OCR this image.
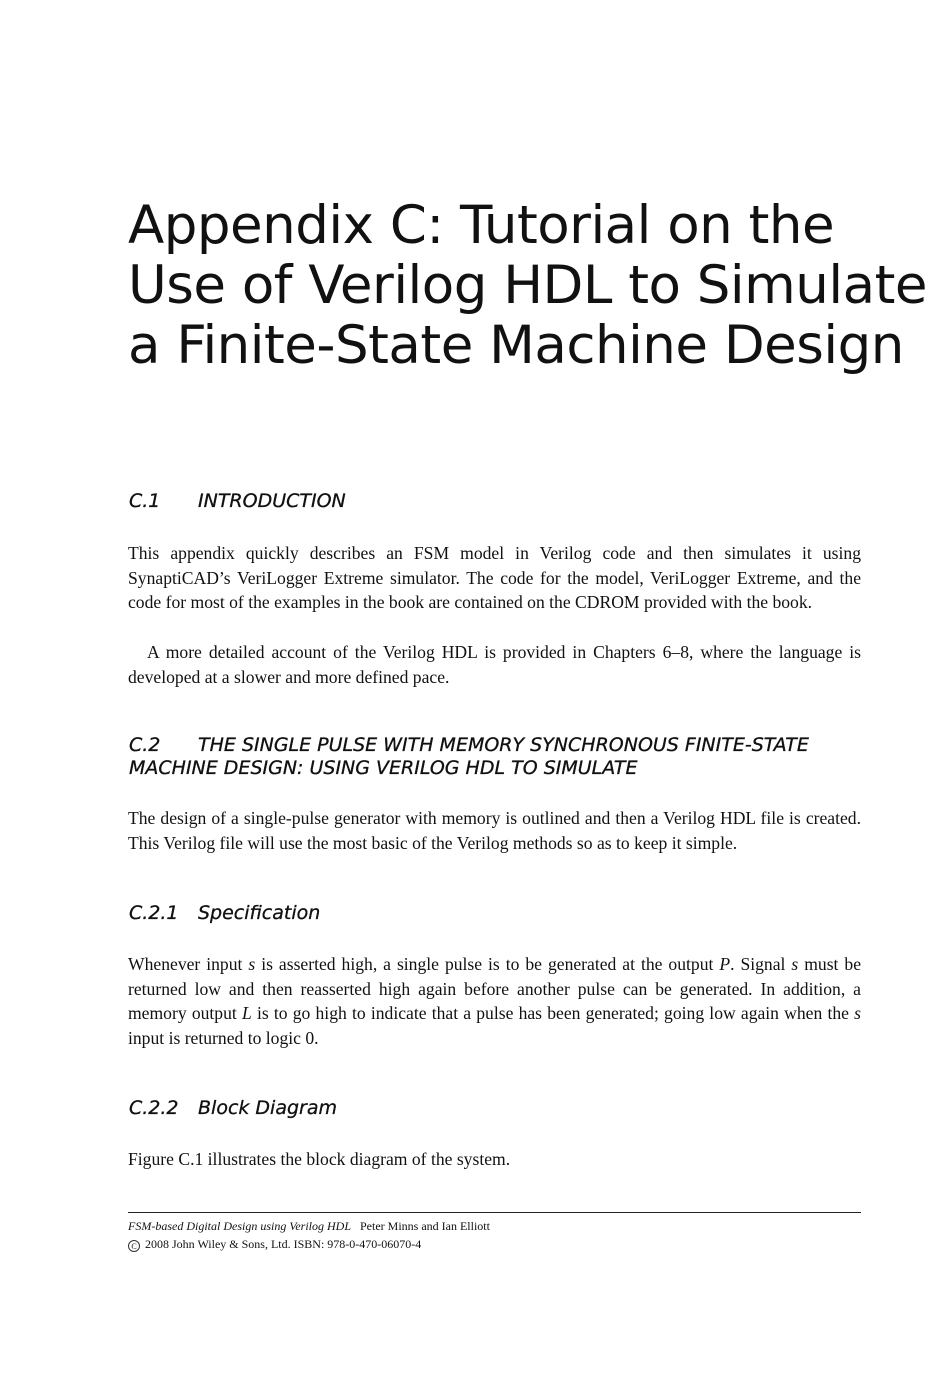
Appendix C: Tutorial on the
Use of Verilog HDL to Simulate
a Finite-State Machine Design
C.1 INTRODUCTION

This appendix quickly describes an FSM model in Verilog code and then simulates it using SynaptiCAD’s VeriLogger Extreme simulator. The code for the model, VeriLogger Extreme, and the code for most of the examples in the book are contained on the CDROM provided with the book.

A more detailed account of the Verilog HDL is provided in Chapters 6–8, where the language is developed at a slower and more defined pace.

C.2 THE SINGLE PULSE WITH MEMORY SYNCHRONOUS FINITE-STATE
MACHINE DESIGN: USING VERILOG HDL TO SIMULATE

The design of a single-pulse generator with memory is outlined and then a Verilog HDL file is created. This Verilog file will use the most basic of the Verilog methods so as to keep it simple.

C.2.1 Specification

Whenever input s is asserted high, a single pulse is to be generated at the output P. Signal s must be returned low and then reasserted high again before another pulse can be generated. In addition, a memory output L is to go high to indicate that a pulse has been generated; going low again when the s input is returned to logic 0.

C.2.2 Block Diagram

Figure C.1 illustrates the block diagram of the system.

FSM-based Digital Design using Verilog HDL Peter Minns and Ian Elliott

C 2008 John Wiley & Sons, Ltd. ISBN: 978-0-470-06070-4
